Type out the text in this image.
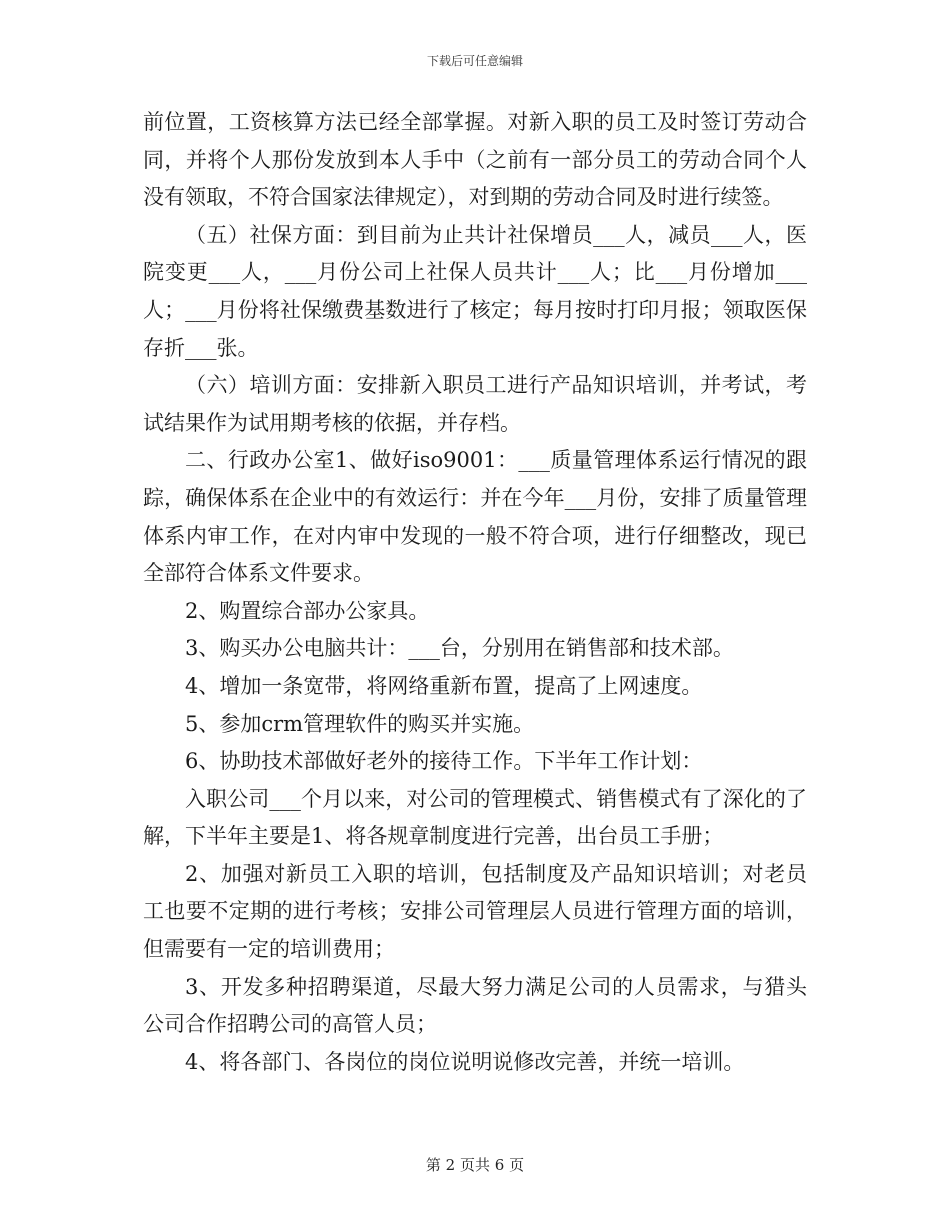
下载后可任意编辑

前位置，工资核算方法已经全部掌握。对新入职的员工及时签订劳动合同，并将个人那份发放到本人手中（之前有一部分员工的劳动合同个人没有领取，不符合国家法律规定），对到期的劳动合同及时进行续签。

（五）社保方面：到目前为止共计社保增员___人，减员___人，医院变更___人，___月份公司上社保人员共计___人；比___月份增加___人；___月份将社保缴费基数进行了核定；每月按时打印月报；领取医保存折___张。

（六）培训方面：安排新入职员工进行产品知识培训，并考试，考试结果作为试用期考核的依据，并存档。

二、行政办公室1、做好iso9001：___质量管理体系运行情况的跟踪，确保体系在企业中的有效运行：并在今年___月份，安排了质量管理体系内审工作，在对内审中发现的一般不符合项，进行仔细整改，现已全部符合体系文件要求。

2、购置综合部办公家具。

3、购买办公电脑共计：___台，分别用在销售部和技术部。

4、增加一条宽带，将网络重新布置，提高了上网速度。

5、参加crm管理软件的购买并实施。

6、协助技术部做好老外的接待工作。下半年工作计划：

入职公司___个月以来，对公司的管理模式、销售模式有了深化的了解，下半年主要是1、将各规章制度进行完善，出台员工手册；

2、加强对新员工入职的培训，包括制度及产品知识培训；对老员工也要不定期的进行考核；安排公司管理层人员进行管理方面的培训，但需要有一定的培训费用；

3、开发多种招聘渠道，尽最大努力满足公司的人员需求，与猎头公司合作招聘公司的高管人员；

4、将各部门、各岗位的岗位说明说修改完善，并统一培训。

第 2 页共 6 页
